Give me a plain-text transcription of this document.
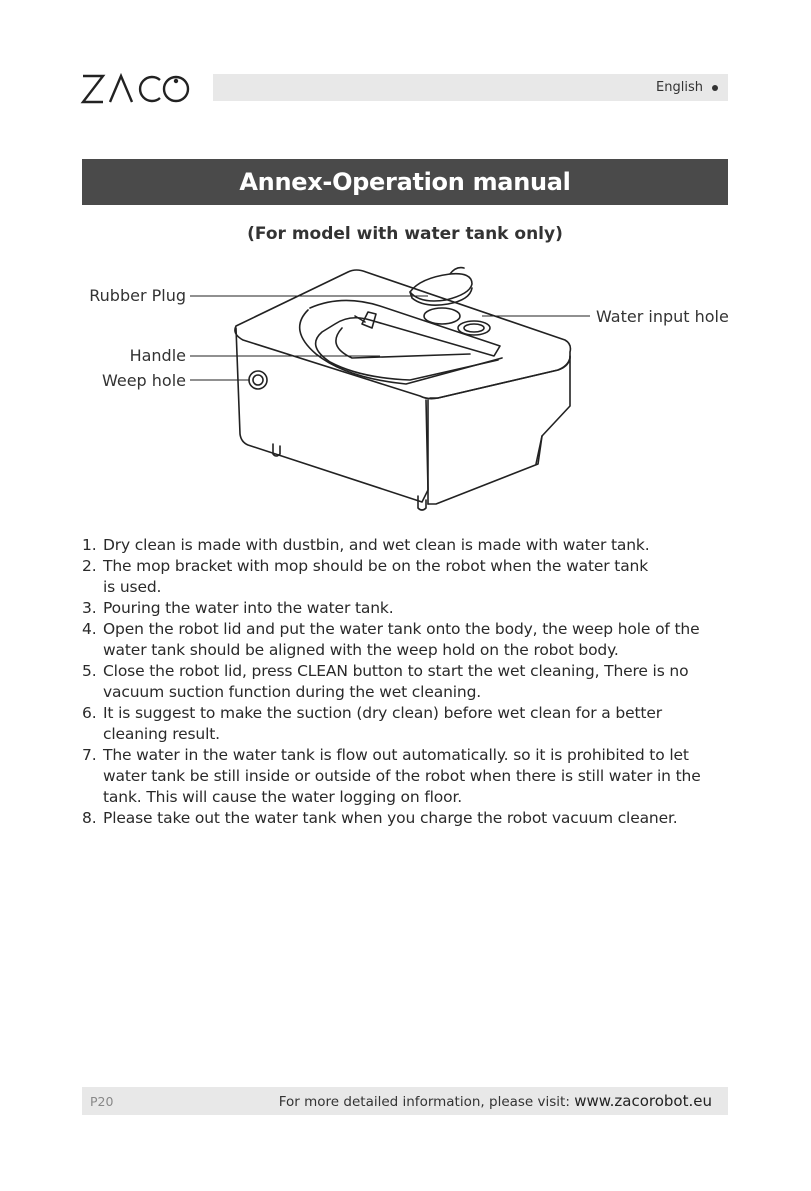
English
Annex-Operation manual
(For model with water tank only)
Rubber Plug
Handle
Weep hole
Water input hole
1. Dry clean is made with dustbin, and wet clean is made with water tank.
2. The mop bracket with mop should be on the robot when the water tank is used.
3. Pouring the water into the water tank.
4. Open the robot lid and put the water tank onto the body, the weep hole of the water tank should be aligned with the weep hold on the robot body.
5. Close the robot lid, press CLEAN button to start the wet cleaning, There is no vacuum suction function during the wet cleaning.
6. It is suggest to make the suction (dry clean) before wet clean for a better cleaning result.
7. The water in the water tank is flow out automatically. so it is prohibited to let water tank be still inside or outside of the robot when there is still water in the tank. This will cause the water logging on floor.
8. Please take out the water tank when you charge the robot vacuum cleaner.
P20	For more detailed information, please visit: www.zacorobot.eu
